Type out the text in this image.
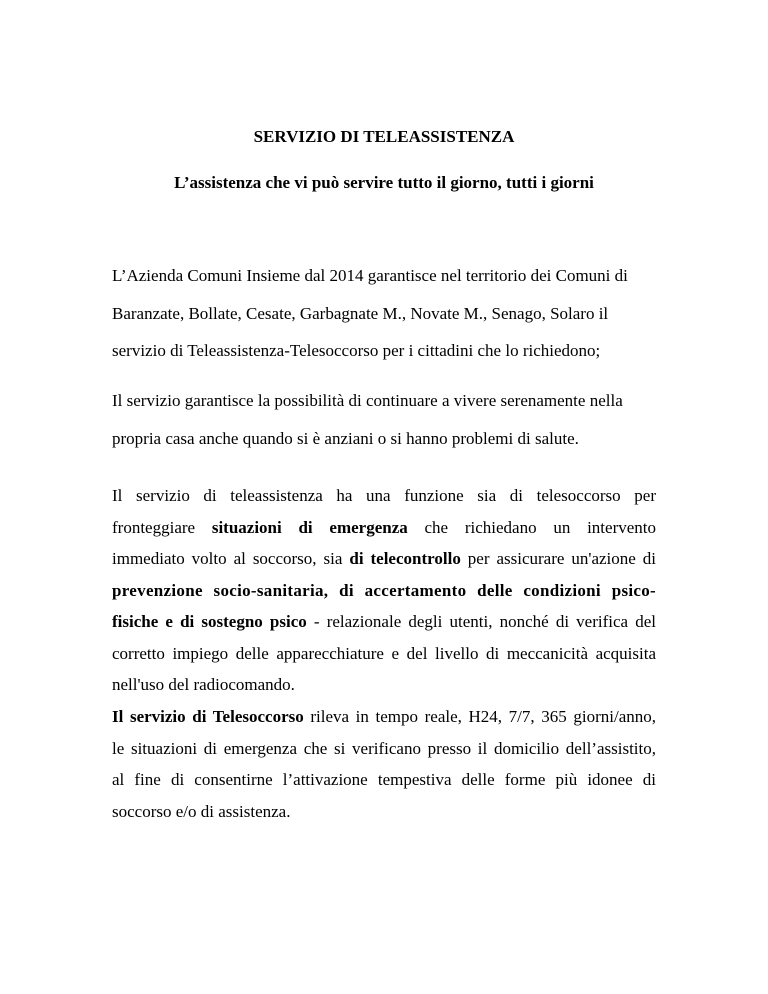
SERVIZIO DI TELEASSISTENZA

L’assistenza che vi può servire tutto il giorno, tutti i giorni

L’Azienda Comuni Insieme dal 2014 garantisce nel territorio dei Comuni di
Baranzate, Bollate, Cesate, Garbagnate M., Novate M., Senago, Solaro il
servizio di Teleassistenza-Telesoccorso per i cittadini che lo richiedono;

Il servizio garantisce la possibilità di continuare a vivere serenamente nella
propria casa anche quando si è anziani o si hanno problemi di salute.

Il servizio di teleassistenza ha una funzione sia di telesoccorso per
fronteggiare situazioni di emergenza che richiedano un intervento
immediato volto al soccorso, sia di telecontrollo per assicurare un'azione di
prevenzione socio-sanitaria, di accertamento delle condizioni psico-
fisiche e di sostegno psico - relazionale degli utenti, nonché di verifica del
corretto impiego delle apparecchiature e del livello di meccanicità acquisita
nell'uso del radiocomando.

Il servizio di Telesoccorso rileva in tempo reale, H24, 7/7, 365 giorni/anno,
le situazioni di emergenza che si verificano presso il domicilio dell’assistito,
al fine di consentirne l’attivazione tempestiva delle forme più idonee di
soccorso e/o di assistenza.
